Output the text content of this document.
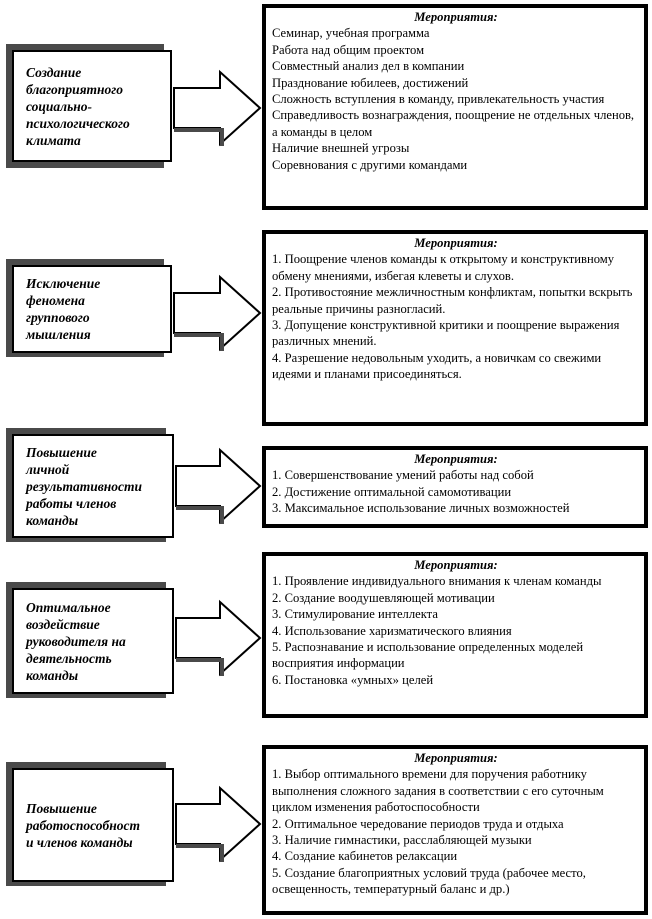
Создание
благоприятного
социально-
психологического
климата
Мероприятия:
Семинар, учебная программа
Работа над общим проектом
Совместный анализ дел в компании
Празднование юбилеев, достижений
Сложность вступления в команду, привлекательность участия
Справедливость вознаграждения, поощрение не отдельных членов, а команды в целом
Наличие внешней угрозы
Соревнования с другими командами
Исключение
феномена
группового
мышления
Мероприятия:
1. Поощрение членов команды к открытому и конструктивному обмену мнениями, избегая клеветы и слухов.
2. Противостояние межличностным конфликтам, попытки вскрыть реальные причины разногласий.
3. Допущение конструктивной критики и поощрение выражения различных мнений.
4. Разрешение недовольным уходить, а новичкам со свежими идеями и планами присоединяться.
Повышение
личной
результативности
работы членов
команды
Мероприятия:
1. Совершенствование умений работы над собой
2. Достижение оптимальной самомотивации
3. Максимальное использование личных возможностей
Оптимальное
воздействие
руководителя на
деятельность
команды
Мероприятия:
1. Проявление индивидуального внимания к членам команды
2. Создание воодушевляющей мотивации
3. Стимулирование интеллекта
4. Использование харизматического влияния
5. Распознавание и использование определенных моделей восприятия информации
6. Постановка «умных» целей
Повышение
работоспособност
и членов команды
Мероприятия:
1. Выбор оптимального времени для поручения работнику выполнения сложного задания в соответствии с его суточным циклом изменения работоспособности
2. Оптимальное чередование периодов труда и отдыха
3. Наличие гимнастики, расслабляющей музыки
4. Создание кабинетов релаксации
5. Создание благоприятных условий труда (рабочее место, освещенность, температурный баланс и др.)
